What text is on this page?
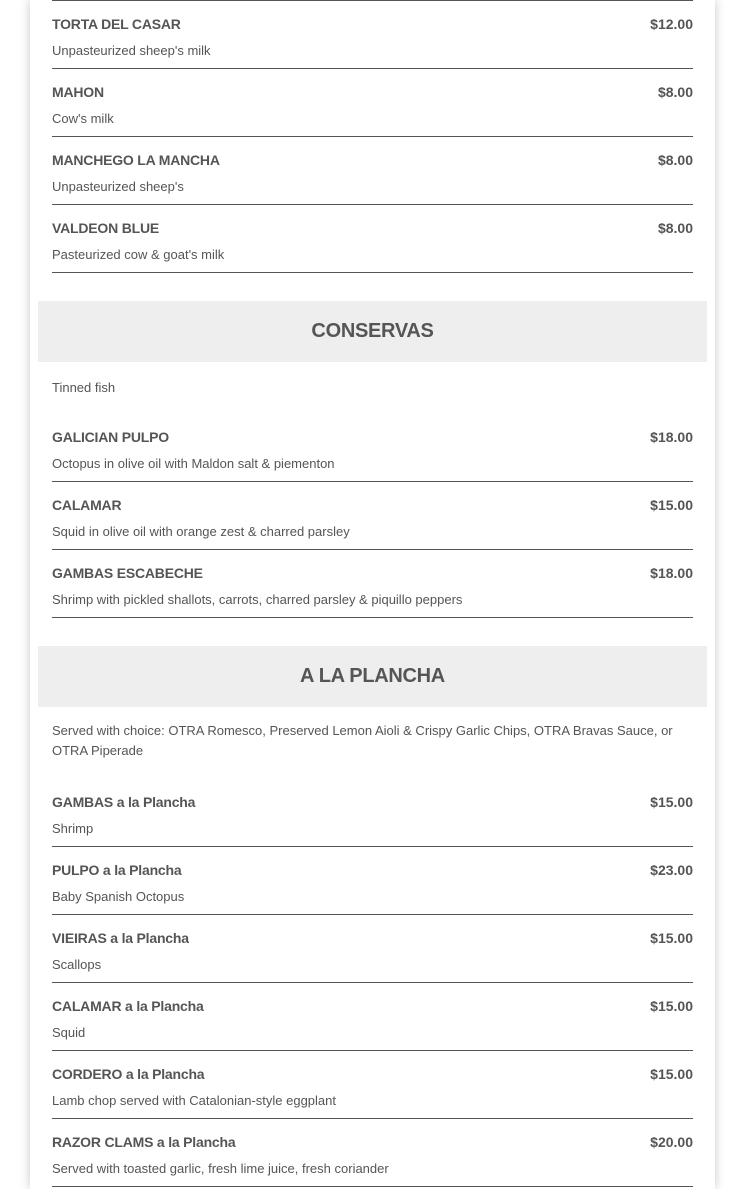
TORTA DEL CASAR	$12.00
Unpasteurized sheep's milk
MAHON	$8.00
Cow's milk
MANCHEGO LA MANCHA	$8.00
Unpasteurized sheep's
VALDEON BLUE	$8.00
Pasteurized cow & goat's milk
CONSERVAS
Tinned fish
GALICIAN PULPO	$18.00
Octopus in olive oil with Maldon salt & piementon
CALAMAR	$15.00
Squid in olive oil with orange zest & charred parsley
GAMBAS ESCABECHE	$18.00
Shrimp with pickled shallots, carrots, charred parsley & piquillo peppers
A LA PLANCHA
Served with choice: OTRA Romesco, Preserved Lemon Aioli & Crispy Garlic Chips, OTRA Bravas Sauce, or OTRA Piperade
GAMBAS a la Plancha	$15.00
Shrimp
PULPO a la Plancha	$23.00
Baby Spanish Octopus
VIEIRAS a la Plancha	$15.00
Scallops
CALAMAR a la Plancha	$15.00
Squid
CORDERO a la Plancha	$15.00
Lamb chop served with Catalonian-style eggplant
RAZOR CLAMS a la Plancha	$20.00
Served with toasted garlic, fresh lime juice, fresh coriander
